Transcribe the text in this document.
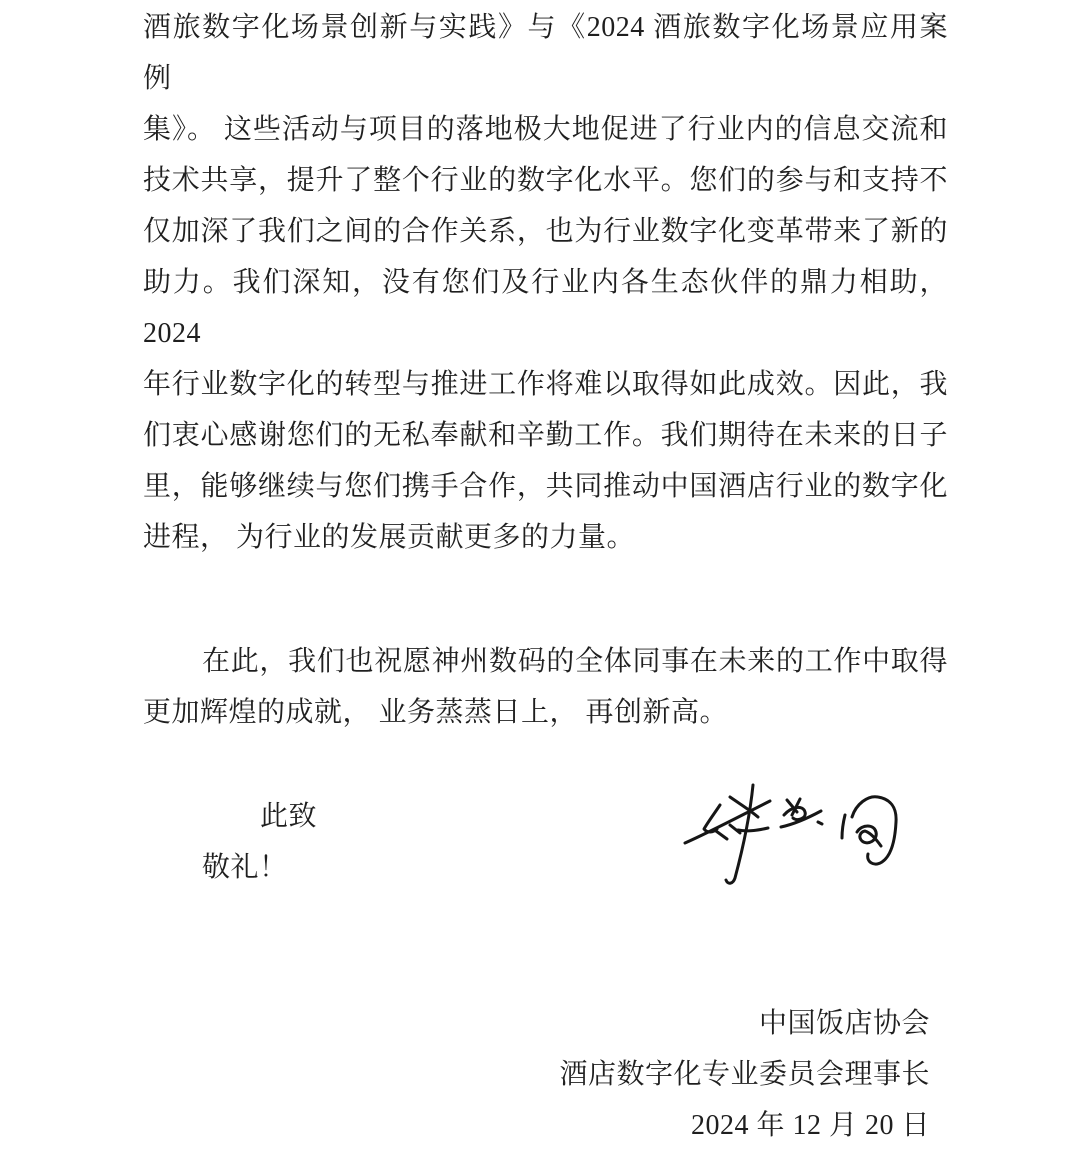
酒旅数字化场景创新与实践》与《2024 酒旅数字化场景应用案例
集》。 这些活动与项目的落地极大地促进了行业内的信息交流和
技术共享，提升了整个行业的数字化水平。您们的参与和支持不
仅加深了我们之间的合作关系，也为行业数字化变革带来了新的
助力。我们深知，没有您们及行业内各生态伙伴的鼎力相助，2024
年行业数字化的转型与推进工作将难以取得如此成效。因此，我
们衷心感谢您们的无私奉献和辛勤工作。我们期待在未来的日子
里，能够继续与您们携手合作，共同推动中国酒店行业的数字化
进程， 为行业的发展贡献更多的力量。
在此，我们也祝愿神州数码的全体同事在未来的工作中取得
更加辉煌的成就， 业务蒸蒸日上， 再创新高。
此致
敬礼！
中国饭店协会
酒店数字化专业委员会理事长
2024 年 12 月 20 日
